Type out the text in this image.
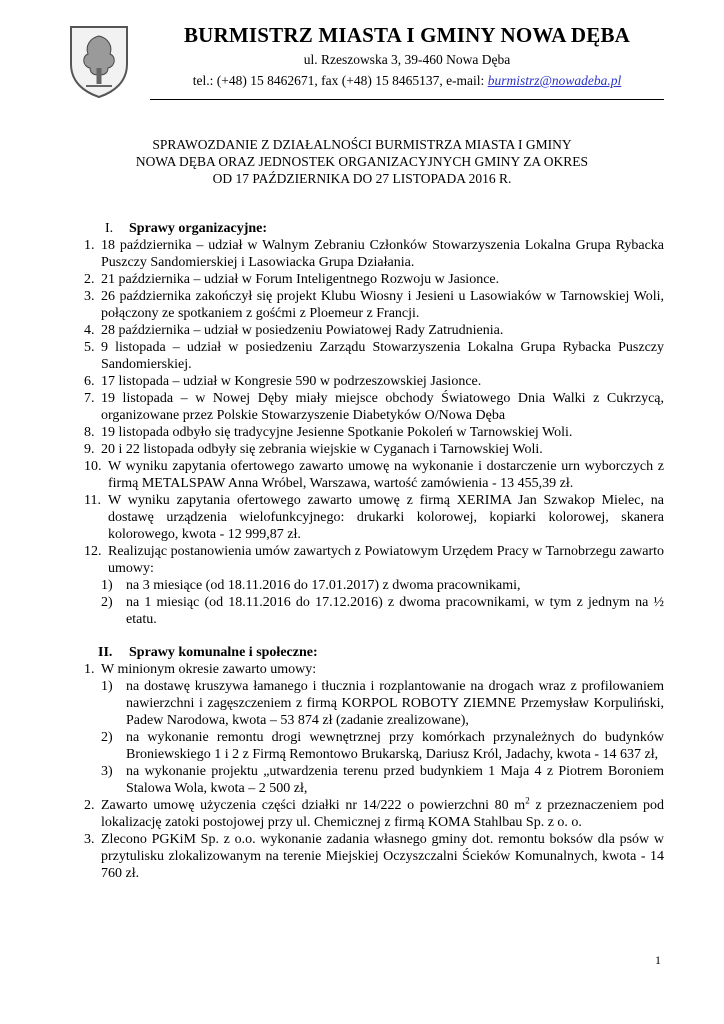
BURMISTRZ MIASTA I GMINY NOWA DĘBA
ul. Rzeszowska 3, 39-460 Nowa Dęba
tel.: (+48) 15 8462671, fax (+48) 15 8465137, e-mail: burmistrz@nowadeba.pl
SPRAWOZDANIE Z DZIAŁALNOŚCI BURMISTRZA MIASTA I GMINY
NOWA DĘBA ORAZ JEDNOSTEK ORGANIZACYJNYCH GMINY ZA OKRES
OD 17 PAŹDZIERNIKA DO 27 LISTOPADA 2016 R.
I. Sprawy organizacyjne:
1. 18 października – udział w Walnym Zebraniu Członków Stowarzyszenia Lokalna Grupa Rybacka Puszczy Sandomierskiej i Lasowiacka Grupa Działania.
2. 21 października – udział w Forum Inteligentnego Rozwoju w Jasionce.
3. 26 października zakończył się projekt Klubu Wiosny i Jesieni u Lasowiaków w Tarnowskiej Woli, połączony ze spotkaniem z gośćmi z Ploemeur z Francji.
4. 28 października – udział w posiedzeniu Powiatowej Rady Zatrudnienia.
5. 9 listopada – udział w posiedzeniu Zarządu Stowarzyszenia Lokalna Grupa Rybacka Puszczy Sandomierskiej.
6. 17 listopada – udział w Kongresie 590 w podrzeszowskiej Jasionce.
7. 19 listopada – w Nowej Dęby miały miejsce obchody Światowego Dnia Walki z Cukrzycą, organizowane przez Polskie Stowarzyszenie Diabetyków O/Nowa Dęba
8. 19 listopada odbyło się tradycyjne Jesienne Spotkanie Pokoleń w Tarnowskiej Woli.
9. 20 i 22 listopada odbyły się zebrania wiejskie w Cyganach i Tarnowskiej Woli.
10. W wyniku zapytania ofertowego zawarto umowę na wykonanie i dostarczenie urn wyborczych z firmą METALSPAW Anna Wróbel, Warszawa, wartość zamówienia - 13 455,39 zł.
11. W wyniku zapytania ofertowego zawarto umowę z firmą XERIMA Jan Szwakop Mielec, na dostawę urządzenia wielofunkcyjnego: drukarki kolorowej, kopiarki kolorowej, skanera kolorowego, kwota - 12 999,87 zł.
12. Realizując postanowienia umów zawartych z Powiatowym Urzędem Pracy w Tarnobrzegu zawarto umowy:
1) na 3 miesiące (od 18.11.2016 do 17.01.2017) z dwoma pracownikami,
2) na 1 miesiąc (od 18.11.2016 do 17.12.2016) z dwoma pracownikami, w tym z jednym na ½ etatu.
II. Sprawy komunalne i społeczne:
1. W minionym okresie zawarto umowy:
1) na dostawę kruszywa łamanego i tłucznia i rozplantowanie na drogach wraz z profilowaniem nawierzchni i zagęszczeniem z firmą KORPOL ROBOTY ZIEMNE Przemysław Korpuliński, Padew Narodowa, kwota – 53 874 zł (zadanie zrealizowane),
2) na wykonanie remontu drogi wewnętrznej przy komórkach przynależnych do budynków Broniewskiego 1 i 2 z Firmą Remontowo Brukarską, Dariusz Król, Jadachy, kwota - 14 637 zł,
3) na wykonanie projektu „utwardzenia terenu przed budynkiem 1 Maja 4 z Piotrem Boroniem Stalowa Wola, kwota – 2 500 zł,
2. Zawarto umowę użyczenia części działki nr 14/222 o powierzchni 80 $m^2$ z przeznaczeniem pod lokalizację zatoki postojowej przy ul. Chemicznej z firmą KOMA Stahlbau Sp. z o. o.
3. Zlecono PGKiM Sp. z o.o. wykonanie zadania własnego gminy dot. remontu boksów dla psów w przytulisku zlokalizowanym na terenie Miejskiej Oczyszczalni Ścieków Komunalnych, kwota - 14 760 zł.
1
